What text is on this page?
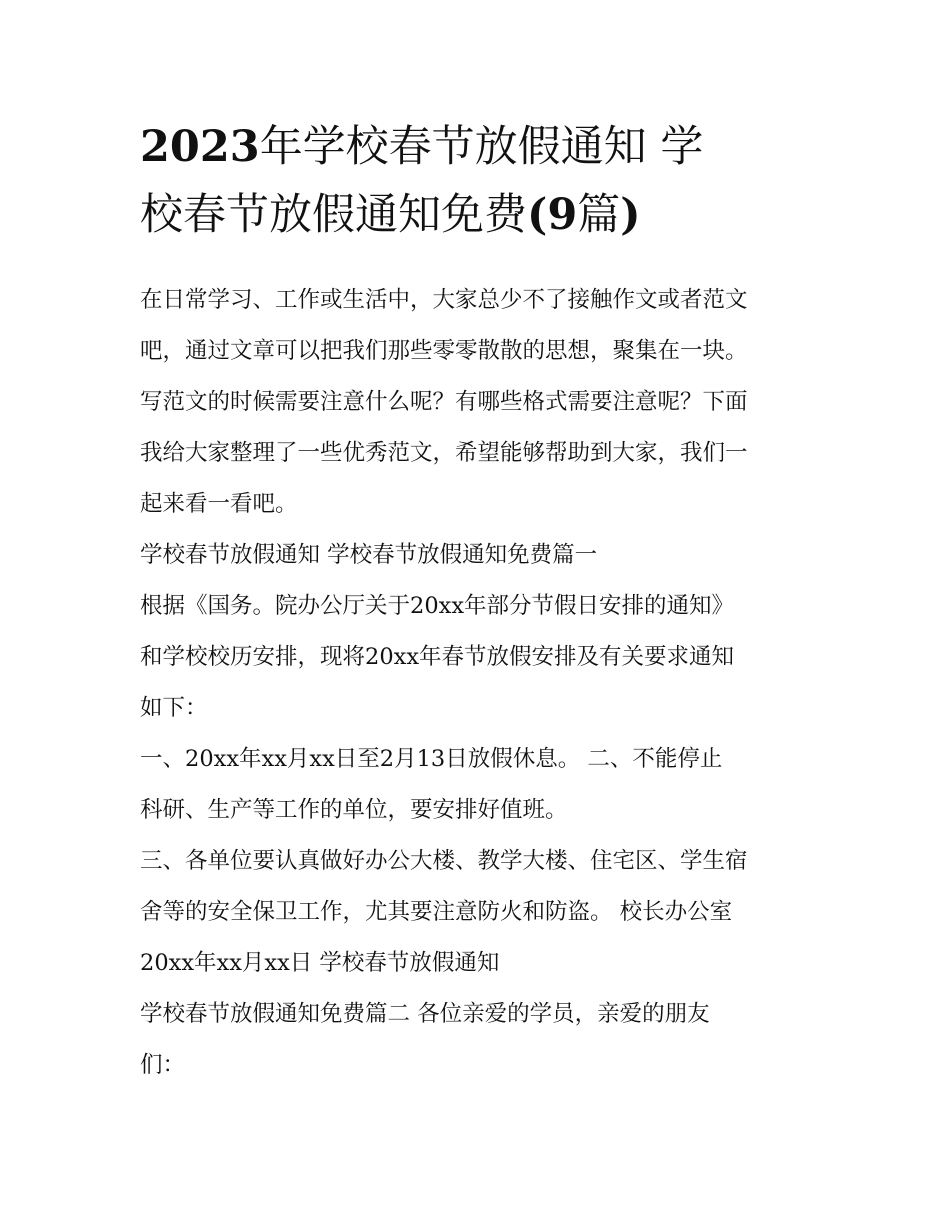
2023年学校春节放假通知 学
校春节放假通知免费(9篇)
在日常学习、工作或生活中，大家总少不了接触作文或者范文
吧，通过文章可以把我们那些零零散散的思想，聚集在一块。
写范文的时候需要注意什么呢？有哪些格式需要注意呢？下面
我给大家整理了一些优秀范文，希望能够帮助到大家，我们一
起来看一看吧。
学校春节放假通知 学校春节放假通知免费篇一
根据《国务。院办公厅关于20xx年部分节假日安排的通知》
和学校校历安排，现将20xx年春节放假安排及有关要求通知
如下：
一、20xx年xx月xx日至2月13日放假休息。 二、不能停止
科研、生产等工作的单位，要安排好值班。
三、各单位要认真做好办公大楼、教学大楼、住宅区、学生宿
舍等的安全保卫工作，尤其要注意防火和防盗。 校长办公室
20xx年xx月xx日 学校春节放假通知
学校春节放假通知免费篇二 各位亲爱的学员，亲爱的朋友
们：
